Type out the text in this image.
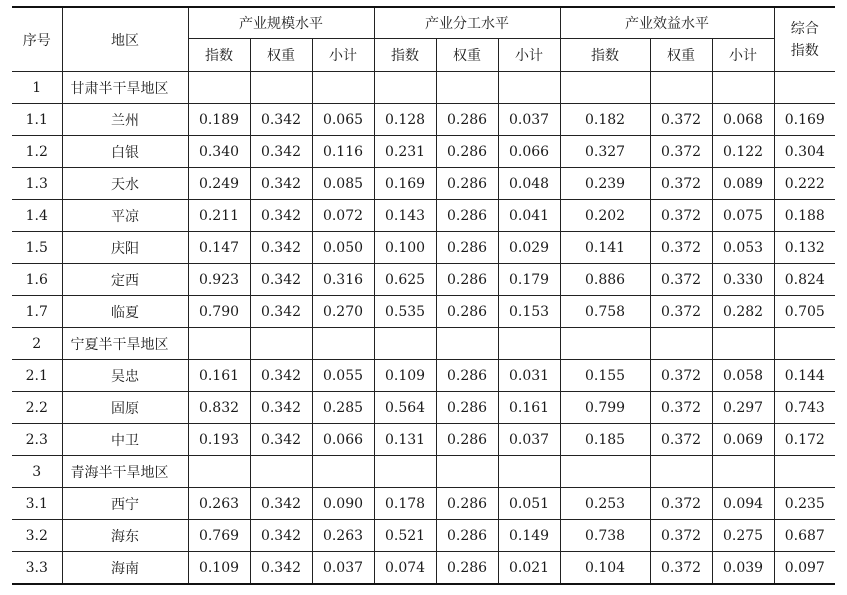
序号	地区	产业规模水平			产业分工水平			产业效益水平			综合指数
		指数	权重	小计	指数	权重	小计	指数	权重	小计	
1	甘肃半干旱地区										
1.1	兰州	0.189	0.342	0.065	0.128	0.286	0.037	0.182	0.372	0.068	0.169
1.2	白银	0.340	0.342	0.116	0.231	0.286	0.066	0.327	0.372	0.122	0.304
1.3	天水	0.249	0.342	0.085	0.169	0.286	0.048	0.239	0.372	0.089	0.222
1.4	平凉	0.211	0.342	0.072	0.143	0.286	0.041	0.202	0.372	0.075	0.188
1.5	庆阳	0.147	0.342	0.050	0.100	0.286	0.029	0.141	0.372	0.053	0.132
1.6	定西	0.923	0.342	0.316	0.625	0.286	0.179	0.886	0.372	0.330	0.824
1.7	临夏	0.790	0.342	0.270	0.535	0.286	0.153	0.758	0.372	0.282	0.705
2	宁夏半干旱地区										
2.1	吴忠	0.161	0.342	0.055	0.109	0.286	0.031	0.155	0.372	0.058	0.144
2.2	固原	0.832	0.342	0.285	0.564	0.286	0.161	0.799	0.372	0.297	0.743
2.3	中卫	0.193	0.342	0.066	0.131	0.286	0.037	0.185	0.372	0.069	0.172
3	青海半干旱地区										
3.1	西宁	0.263	0.342	0.090	0.178	0.286	0.051	0.253	0.372	0.094	0.235
3.2	海东	0.769	0.342	0.263	0.521	0.286	0.149	0.738	0.372	0.275	0.687
3.3	海南	0.109	0.342	0.037	0.074	0.286	0.021	0.104	0.372	0.039	0.097
